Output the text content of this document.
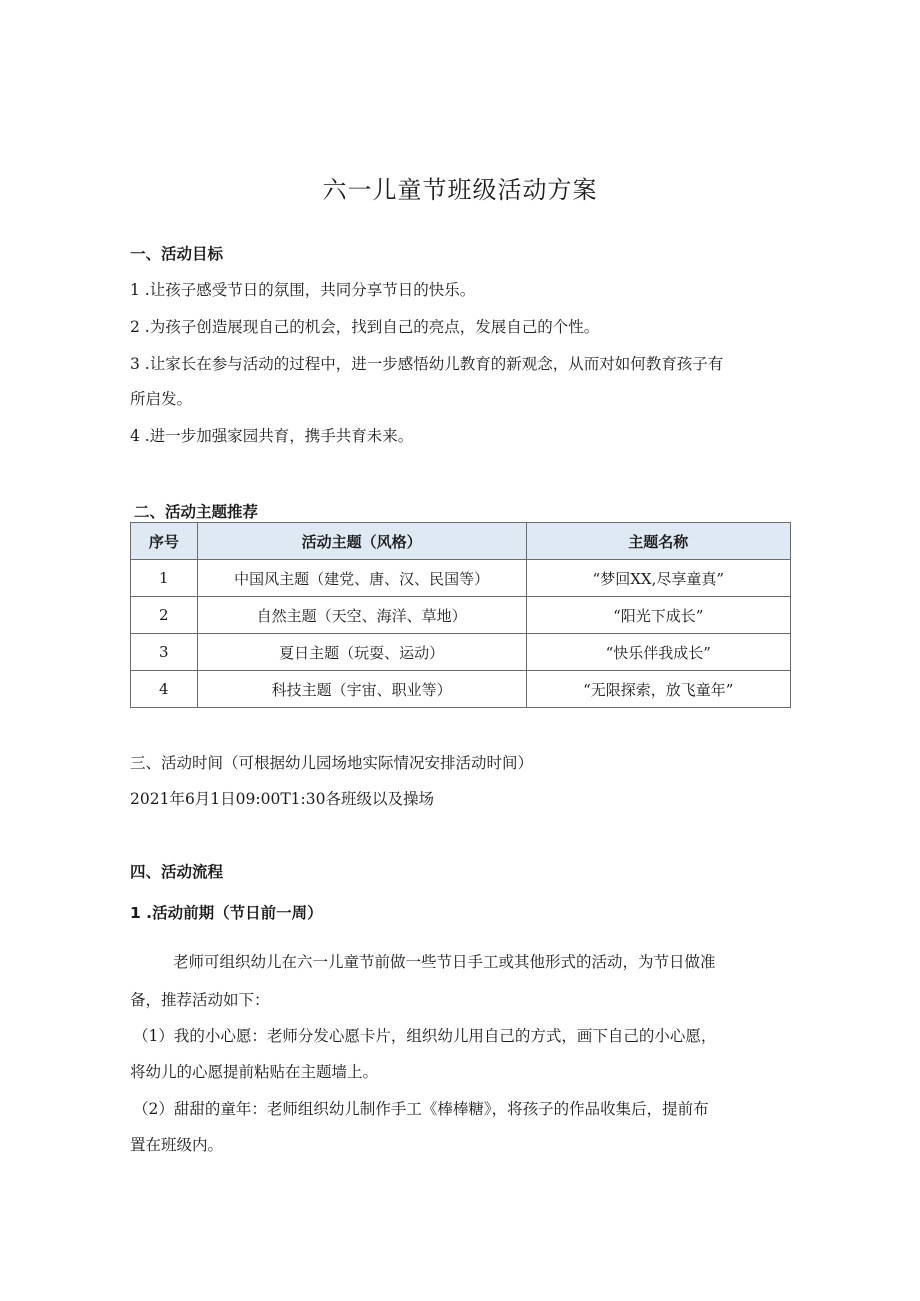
六一儿童节班级活动方案
一、活动目标
1 .让孩子感受节日的氛围，共同分享节日的快乐。
2 .为孩子创造展现自己的机会，找到自己的亮点，发展自己的个性。
3 .让家长在参与活动的过程中，进一步感悟幼儿教育的新观念，从而对如何教育孩子有
所启发。
4 .进一步加强家园共育，携手共育未来。
二、活动主题推荐
序号	活动主题（风格）	主题名称
1	中国风主题（建党、唐、汉、民国等）	“梦回XX,尽享童真”
2	自然主题（天空、海洋、草地）	“阳光下成长”
3	夏日主题（玩耍、运动）	“快乐伴我成长”
4	科技主题（宇宙、职业等）	“无限探索，放飞童年”
三、活动时间（可根据幼儿园场地实际情况安排活动时间）
2021年6月1日09:00T1:30各班级以及操场
四、活动流程
1 .活动前期（节日前一周）
老师可组织幼儿在六一儿童节前做一些节日手工或其他形式的活动，为节日做准
备，推荐活动如下：
（1）我的小心愿：老师分发心愿卡片，组织幼儿用自己的方式，画下自己的小心愿，
将幼儿的心愿提前粘贴在主题墙上。
（2）甜甜的童年：老师组织幼儿制作手工《棒棒糖》，将孩子的作品收集后，提前布
置在班级内。
